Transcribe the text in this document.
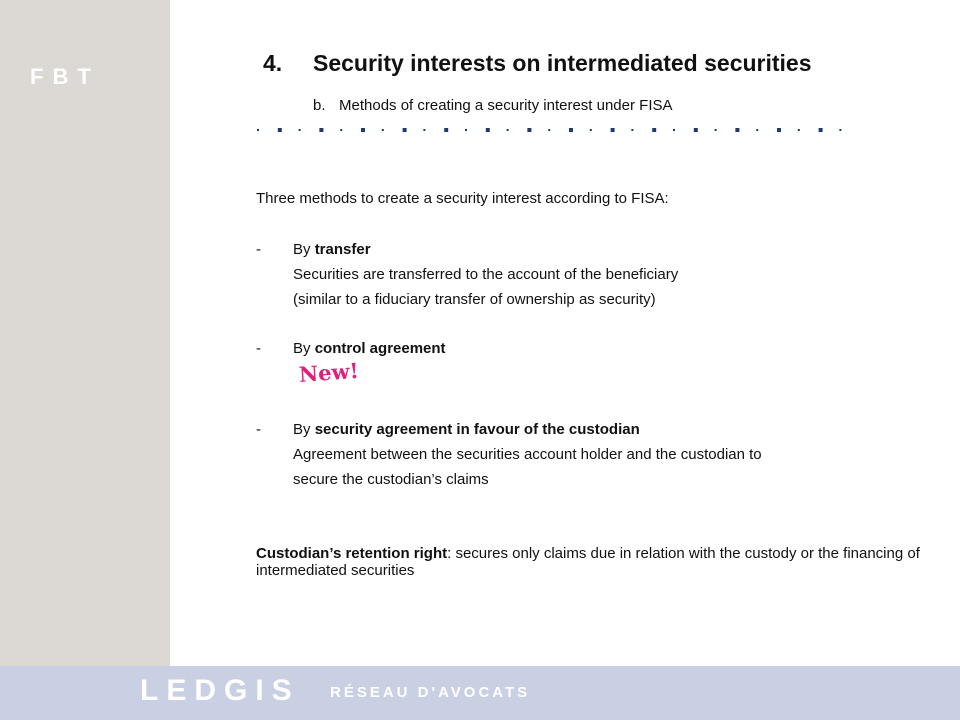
FBT
4. Security interests on intermediated securities
b. Methods of creating a security interest under FISA
Three methods to create a security interest according to FISA:
- By transfer
Securities are transferred to the account of the beneficiary
(similar to a fiduciary transfer of ownership as security)
- By control agreement
New!
- By security agreement in favour of the custodian
Agreement between the securities account holder and the custodian to
secure the custodian’s claims
Custodian’s retention right: secures only claims due in relation with the custody or the financing of intermediated securities
LEDGIS RÉSEAU D'AVOCATS
